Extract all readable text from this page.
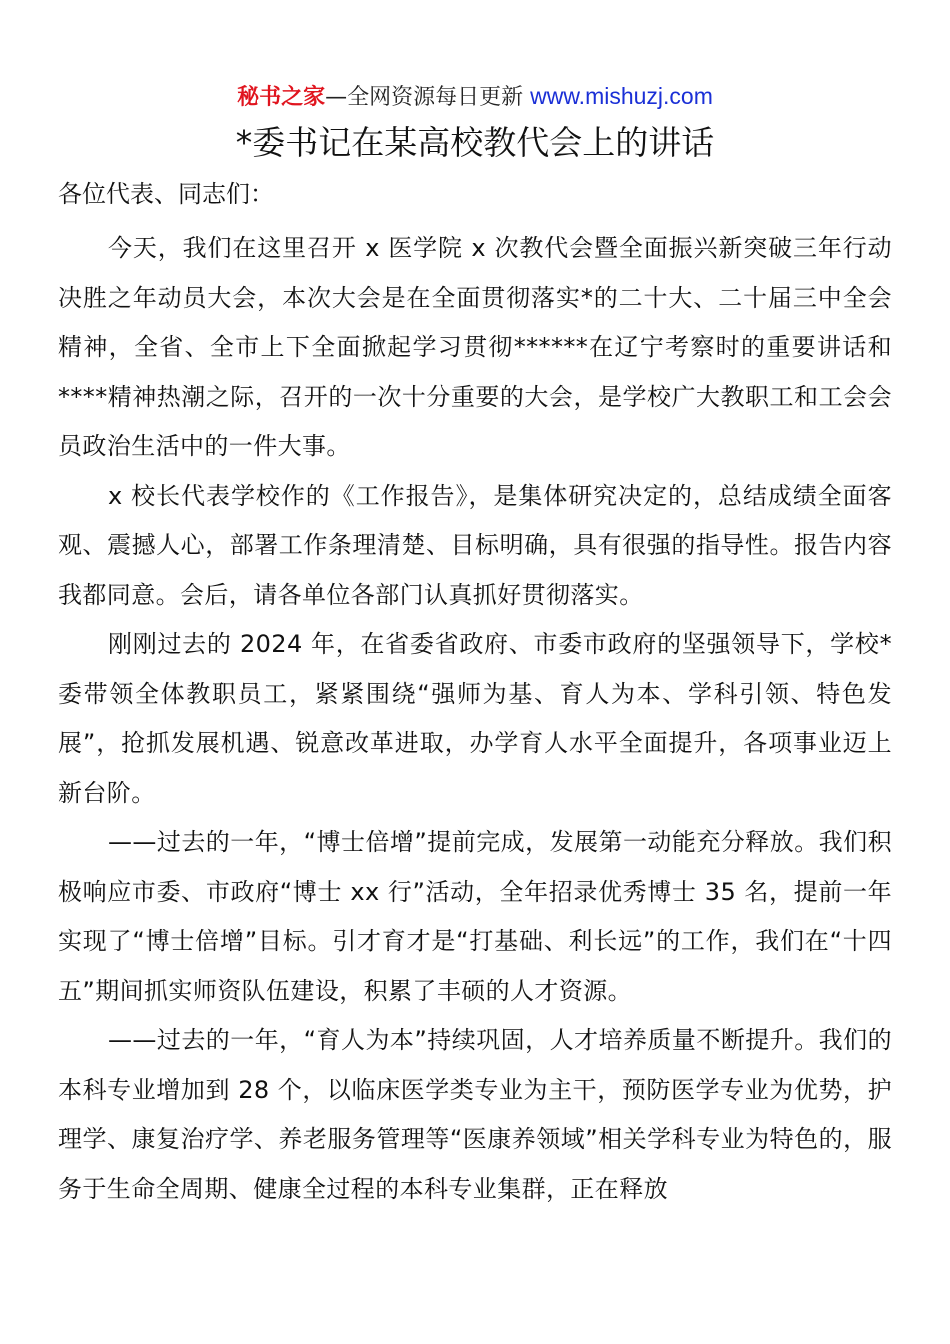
秘书之家—全网资源每日更新 www.mishuzj.com
*委书记在某高校教代会上的讲话
各位代表、同志们：

今天，我们在这里召开 x 医学院 x 次教代会暨全面振兴新突破三年行动决胜之年动员大会，本次大会是在全面贯彻落实*的二十大、二十届三中全会精神，全省、全市上下全面掀起学习贯彻******在辽宁考察时的重要讲话和****精神热潮之际，召开的一次十分重要的大会，是学校广大教职工和工会会员政治生活中的一件大事。

x 校长代表学校作的《工作报告》，是集体研究决定的，总结成绩全面客观、震撼人心，部署工作条理清楚、目标明确，具有很强的指导性。报告内容我都同意。会后，请各单位各部门认真抓好贯彻落实。

刚刚过去的 2024 年，在省委省政府、市委市政府的坚强领导下，学校*委带领全体教职员工，紧紧围绕“强师为基、育人为本、学科引领、特色发展”，抢抓发展机遇、锐意改革进取，办学育人水平全面提升，各项事业迈上新台阶。

——过去的一年，“博士倍增”提前完成，发展第一动能充分释放。我们积极响应市委、市政府“博士 xx 行”活动，全年招录优秀博士 35 名，提前一年实现了“博士倍增”目标。引才育才是“打基础、利长远”的工作，我们在“十四五”期间抓实师资队伍建设，积累了丰硕的人才资源。

——过去的一年，“育人为本”持续巩固，人才培养质量不断提升。我们的本科专业增加到 28 个，以临床医学类专业为主干，预防医学专业为优势，护理学、康复治疗学、养老服务管理等“医康养领域”相关学科专业为特色的，服务于生命全周期、健康全过程的本科专业集群，正在释放
